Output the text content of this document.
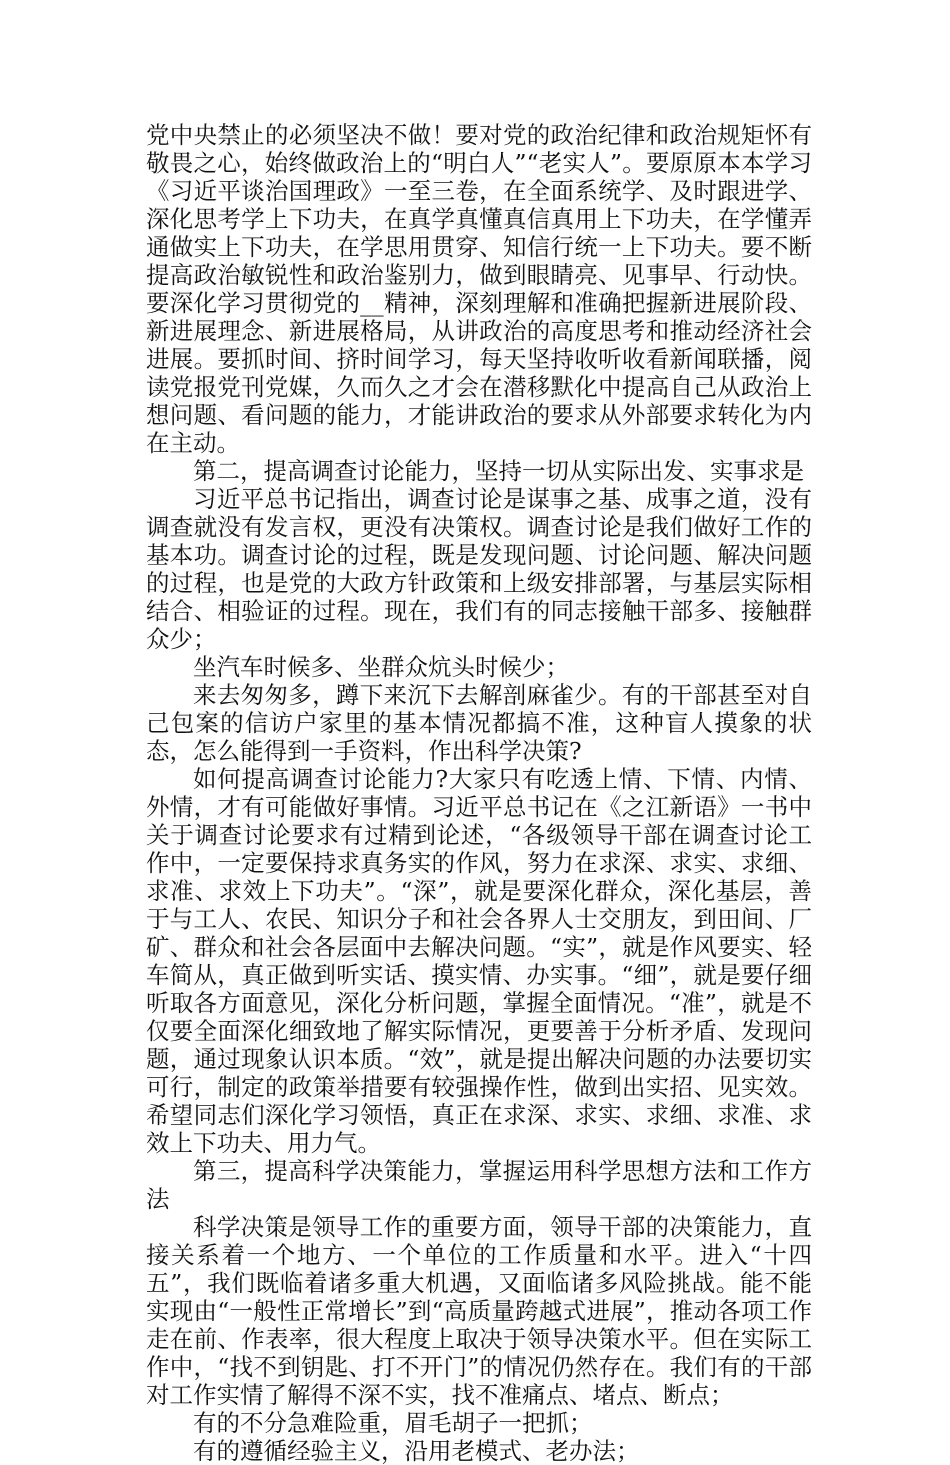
党中央禁止的必须坚决不做！要对党的政治纪律和政治规矩怀有敬畏之心，始终做政治上的“明白人”“老实人”。要原原本本学习《习近平谈治国理政》一至三卷，在全面系统学、及时跟进学、深化思考学上下功夫，在真学真懂真信真用上下功夫，在学懂弄通做实上下功夫，在学思用贯穿、知信行统一上下功夫。要不断提高政治敏锐性和政治鉴别力，做到眼睛亮、见事早、行动快。要深化学习贯彻党的__精神，深刻理解和准确把握新进展阶段、新进展理念、新进展格局，从讲政治的高度思考和推动经济社会进展。要抓时间、挤时间学习，每天坚持收听收看新闻联播，阅读党报党刊党媒，久而久之才会在潜移默化中提高自己从政治上想问题、看问题的能力，才能讲政治的要求从外部要求转化为内在主动。

第二，提高调查讨论能力，坚持一切从实际出发、实事求是

习近平总书记指出，调查讨论是谋事之基、成事之道，没有调查就没有发言权，更没有决策权。调查讨论是我们做好工作的基本功。调查讨论的过程，既是发现问题、讨论问题、解决问题的过程，也是党的大政方针政策和上级安排部署，与基层实际相结合、相验证的过程。现在，我们有的同志接触干部多、接触群众少；

坐汽车时候多、坐群众炕头时候少；

来去匆匆多，蹲下来沉下去解剖麻雀少。有的干部甚至对自己包案的信访户家里的基本情况都搞不准，这种盲人摸象的状态，怎么能得到一手资料，作出科学决策?

如何提高调查讨论能力?大家只有吃透上情、下情、内情、外情，才有可能做好事情。习近平总书记在《之江新语》一书中关于调查讨论要求有过精到论述，“各级领导干部在调查讨论工作中，一定要保持求真务实的作风，努力在求深、求实、求细、求准、求效上下功夫”。“深”，就是要深化群众，深化基层，善于与工人、农民、知识分子和社会各界人士交朋友，到田间、厂矿、群众和社会各层面中去解决问题。“实”，就是作风要实、轻车简从，真正做到听实话、摸实情、办实事。“细”，就是要仔细听取各方面意见，深化分析问题，掌握全面情况。“准”，就是不仅要全面深化细致地了解实际情况，更要善于分析矛盾、发现问题，通过现象认识本质。“效”，就是提出解决问题的办法要切实可行，制定的政策举措要有较强操作性，做到出实招、见实效。希望同志们深化学习领悟，真正在求深、求实、求细、求准、求效上下功夫、用力气。

第三，提高科学决策能力，掌握运用科学思想方法和工作方法

科学决策是领导工作的重要方面，领导干部的决策能力，直接关系着一个地方、一个单位的工作质量和水平。进入“十四五”，我们既临着诸多重大机遇，又面临诸多风险挑战。能不能实现由“一般性正常增长”到“高质量跨越式进展”，推动各项工作走在前、作表率，很大程度上取决于领导决策水平。但在实际工作中，“找不到钥匙、打不开门”的情况仍然存在。我们有的干部对工作实情了解得不深不实，找不准痛点、堵点、断点；

有的不分急难险重，眉毛胡子一把抓；

有的遵循经验主义，沿用老模式、老办法；
